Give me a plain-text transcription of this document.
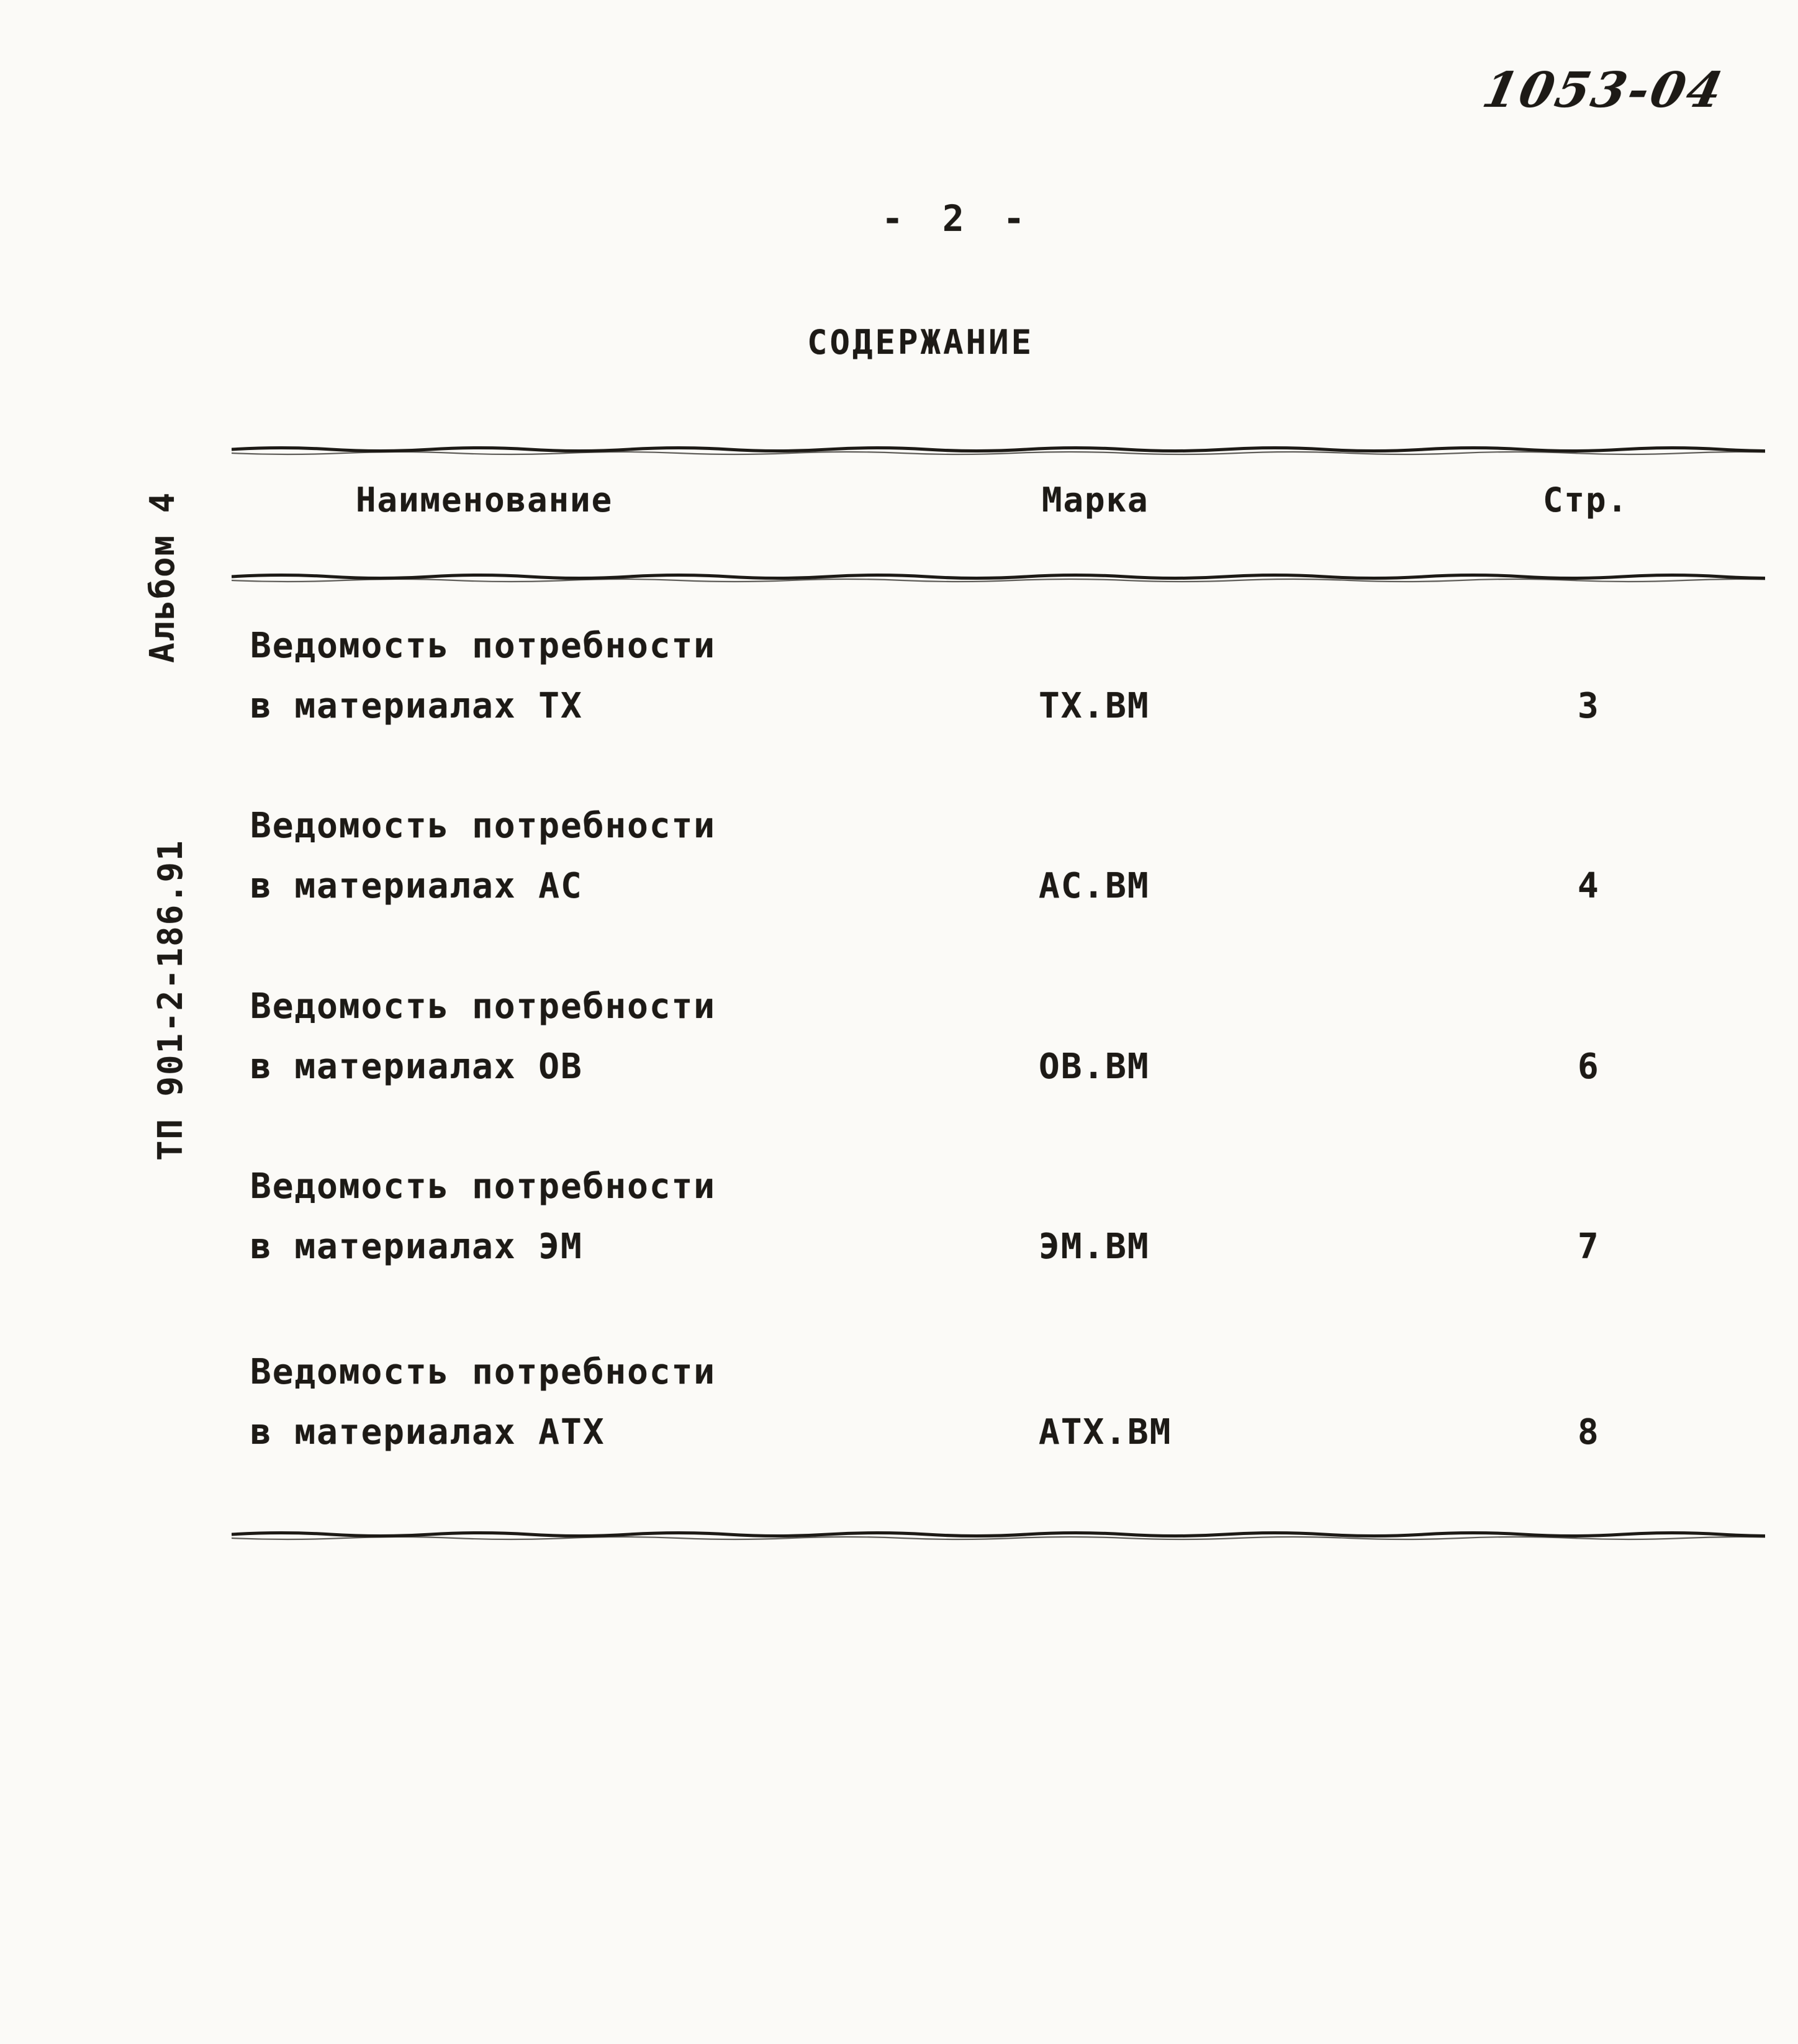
1053-04
- 2 -
СОДЕРЖАНИЕ
Альбом 4
ТП 901-2-186.91
Наименование	Марка	Стр.
Ведомость потребности
в материалах ТХ	ТХ.ВМ	3
Ведомость потребности
в материалах АС	АС.ВМ	4
Ведомость потребности
в материалах ОВ	ОВ.ВМ	6
Ведомость потребности
в материалах ЭМ	ЭМ.ВМ	7
Ведомость потребности
в материалах АТХ	АТХ.ВМ	8
